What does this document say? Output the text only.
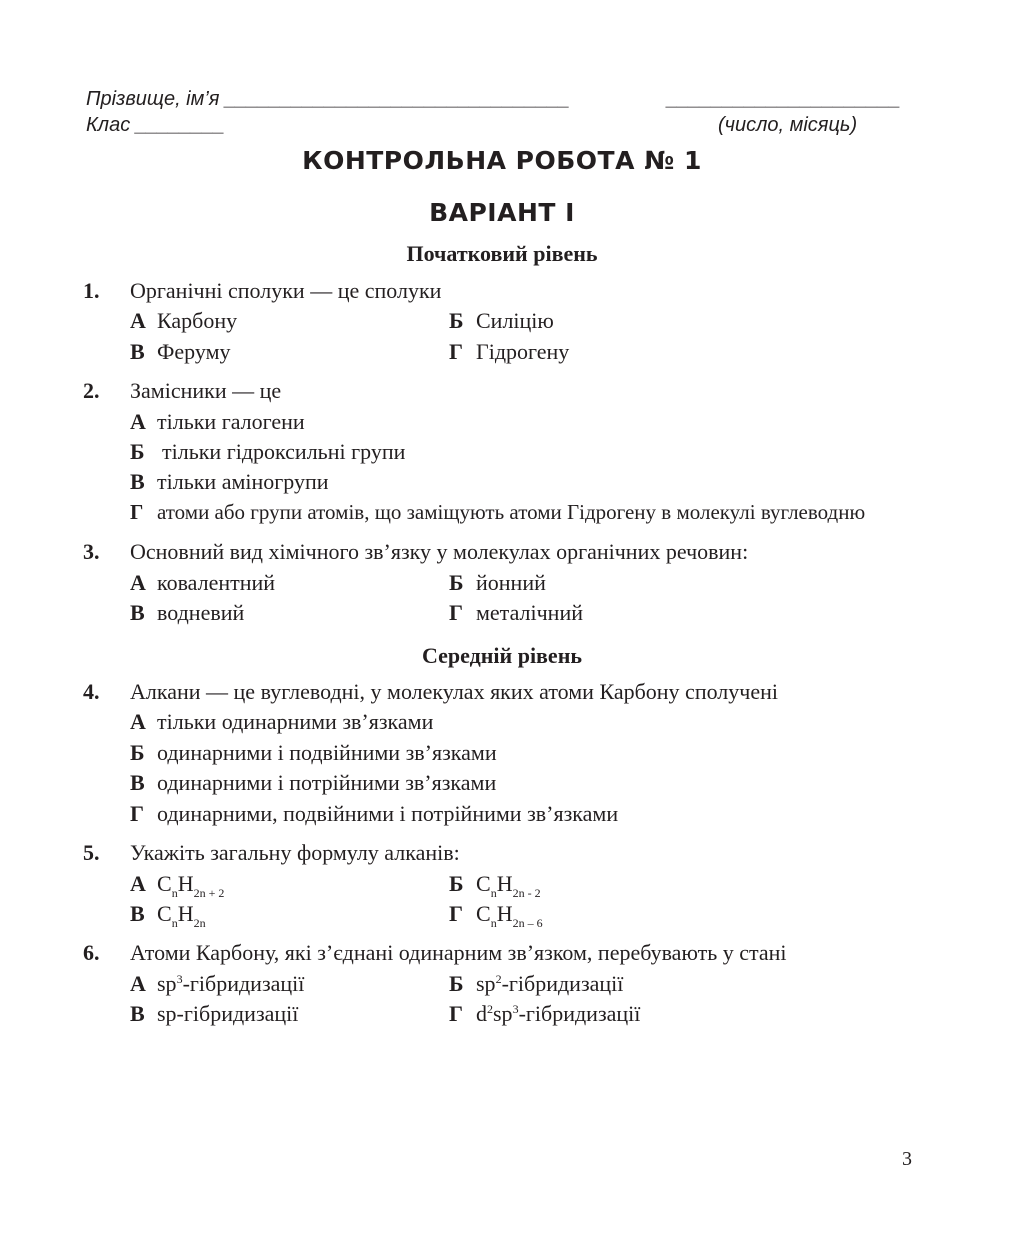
Прізвище, ім’я _______________________________	_____________________
Клас ________	(число, місяць)
КОНТРОЛЬНА РОБОТА № 1
ВАРІАНТ І
Початковий рівень
1. Органічні сполуки — це сполуки
А Карбону	Б Силіцію
В Феруму	Г Гідрогену
2. Замісники — це
А тільки галогени
Б тільки гідроксильні групи
В тільки аміногрупи
Г атоми або групи атомів, що заміщують атоми Гідрогену в молекулі вуглеводню
3. Основний вид хімічного зв’язку у молекулах органічних речовин:
А ковалентний	Б йонний
В водневий	Г металічний
Середній рівень
4. Алкани — це вуглеводні, у молекулах яких атоми Карбону сполучені
А тільки одинарними зв’язками
Б одинарними і подвійними зв’язками
В одинарними і потрійними зв’язками
Г одинарними, подвійними і потрійними зв’язками
5. Укажіть загальну формулу алканів:
А $C_nH_{2n + 2}$	Б $C_nH_{2n - 2}$
В $C_nH_{2n}$	Г $C_nH_{2n - 6}$
6. Атоми Карбону, які з’єднані одинарним зв’язком, перебувають у стані
А $sp^3$-гібридизації	Б $sp^2$-гібридизації
В sp-гібридизації	Г $d^2sp^3$-гібридизації
3
